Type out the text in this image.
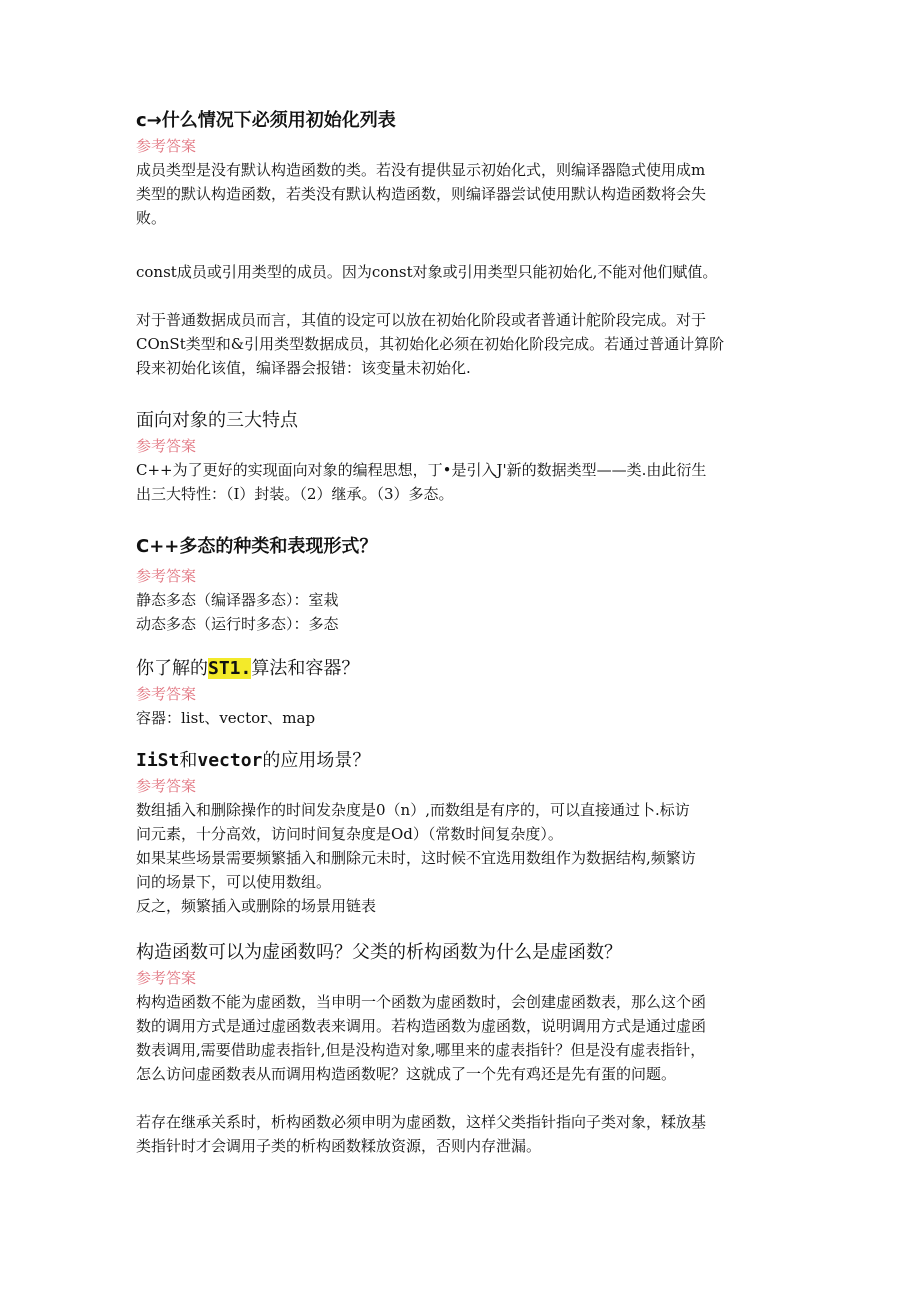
c→什么情况下必须用初始化列表

参考答案

成员类型是没有默认构造函数的类。若没有提供显示初始化式，则编译器隐式使用成m

类型的默认构造函数，若类没有默认构造函数，则编译器尝试使用默认构造函数将会失

败。

const成员或引用类型的成员。因为const对象或引用类型只能初始化,不能对他们赋值。

对于普通数据成员而言，其值的设定可以放在初始化阶段或者普通计舵阶段完成。对于

COnSt类型和&引用类型数据成员，其初始化必须在初始化阶段完成。若通过普通计算阶

段来初始化该值，编译器会报错：该变量未初始化.

面向对象的三大特点

参考答案

C++为了更好的实现面向对象的编程思想，丁•是引入J'新的数据类型——类.由此衍生

出三大特性：（I）封装。（2）继承。（3）多态。

C++多态的种类和表现形式？

参考答案

静态多态（编译器多态）：室栽

动态多态（运行时多态）：多态

你了解的ST1.算法和容器？

参考答案

容器：list、vector、map

IiSt和vector的应用场景？

参考答案

数组插入和删除操作的时间发杂度是0（n）,而数组是有序的，可以直接通过卜.标访

问元素，十分高效，访问时间复杂度是Od）（常数时间复杂度）。

如果某些场景需要频繁插入和删除元未时，这时候不宜选用数组作为数据结构,频繁访

问的场景下，可以使用数组。

反之，频繁插入或删除的场景用链表

构造函数可以为虚函数吗？父类的析构函数为什么是虚函数？

参考答案

构构造函数不能为虚函数，当申明一个函数为虚函数时，会创建虚函数表，那么这个函

数的调用方式是通过虚函数表来调用。若构造函数为虚函数，说明调用方式是通过虚函

数表调用,需要借助虚表指针,但是没构造对象,哪里来的虚表指针？但是没有虚表指针，

怎么访问虚函数表从而调用构造函数呢？这就成了一个先有鸡还是先有蛋的问题。

若存在继承关系时，析构函数必须申明为虚函数，这样父类指针指向子类对象，糅放基

类指针时才会调用子类的析构函数糅放资源，否则内存泄漏。
